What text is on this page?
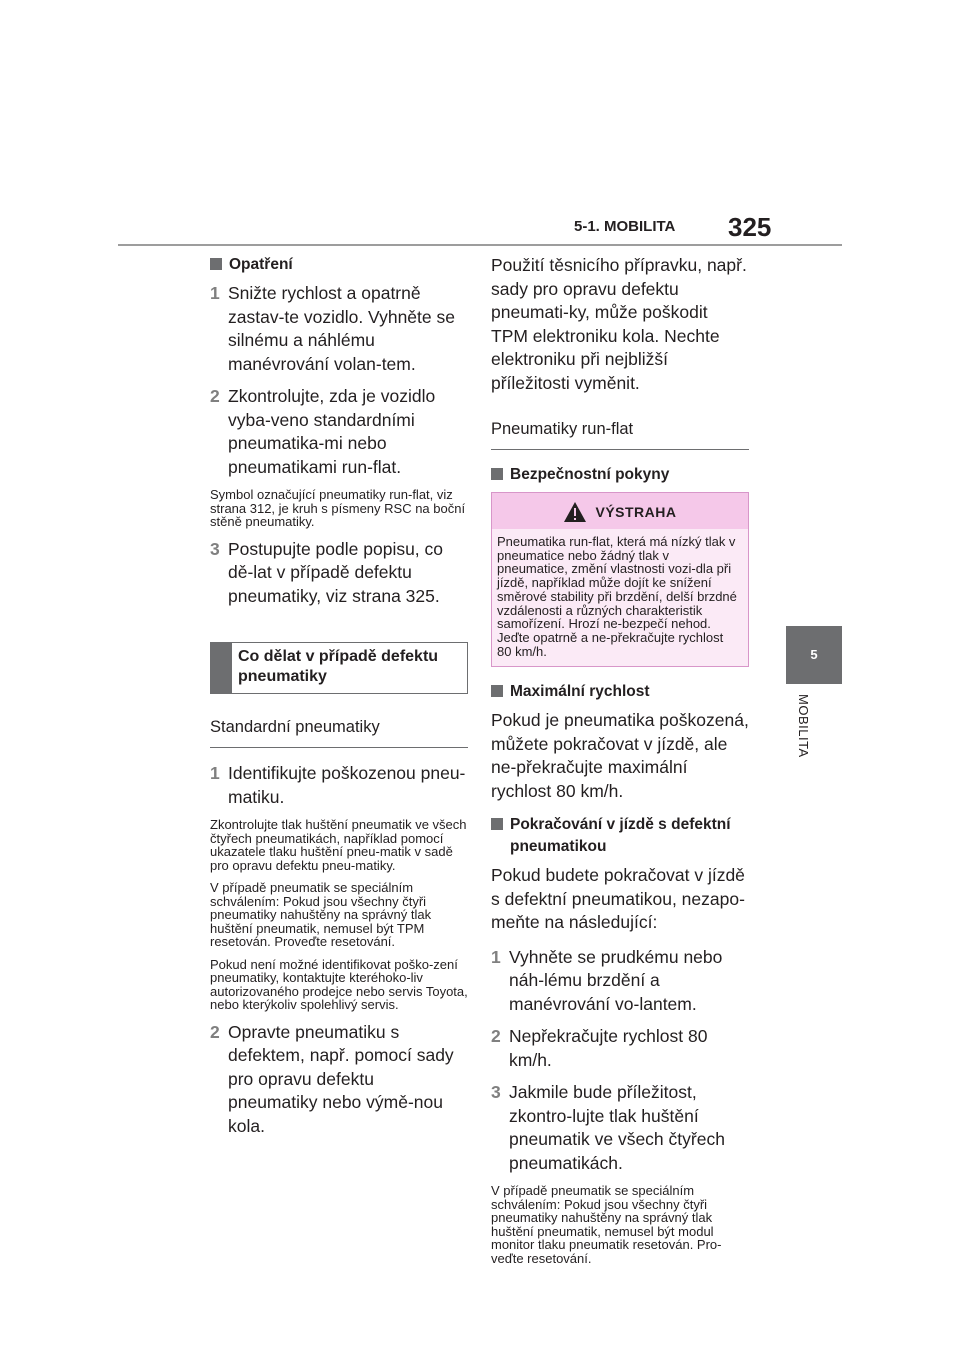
5-1. MOBILITA 325
5
MOBILITA
Opatření
1 Snižte rychlost a opatrně zastav-te vozidlo. Vyhněte se silnému a náhlému manévrování volan-tem.
2 Zkontrolujte, zda je vozidlo vyba-veno standardními pneumatika-mi nebo pneumatikami run-flat.
Symbol označující pneumatiky run-flat, viz strana 312, je kruh s písmeny RSC na boční stěně pneumatiky.
3 Postupujte podle popisu, co dě-lat v případě defektu pneumatiky, viz strana 325.
Co dělat v případě defektu pneumatiky
Standardní pneumatiky
1 Identifikujte poškozenou pneu-matiku.
Zkontrolujte tlak huštění pneumatik ve všech čtyřech pneumatikách, například pomocí ukazatele tlaku huštění pneu-matik v sadě pro opravu defektu pneu-matiky.
V případě pneumatik se speciálním schválením: Pokud jsou všechny čtyři pneumatiky nahuštěny na správný tlak huštění pneumatik, nemusel být TPM resetován. Proveďte resetování.
Pokud není možné identifikovat poško-zení pneumatiky, kontaktujte kteréhoko-liv autorizovaného prodejce nebo servis Toyota, nebo kterýkoliv spolehlivý servis.
2 Opravte pneumatiku s defektem, např. pomocí sady pro opravu defektu pneumatiky nebo výmě-nou kola.
Použití těsnicího přípravku, např. sady pro opravu defektu pneumati-ky, může poškodit TPM elektroniku kola. Nechte elektroniku při nejbližší příležitosti vyměnit.
Pneumatiky run-flat
Bezpečnostní pokyny
VÝSTRAHA
Pneumatika run-flat, která má nízký tlak v pneumatice nebo žádný tlak v pneumatice, změní vlastnosti vozi-dla při jízdě, například může dojít ke snížení směrové stability při brzdění, delší brzdné vzdálenosti a různých charakteristik samořízení. Hrozí ne-bezpečí nehod. Jeďte opatrně a ne-překračujte rychlost 80 km/h.
Maximální rychlost
Pokud je pneumatika poškozená, můžete pokračovat v jízdě, ale ne-překračujte maximální rychlost 80 km/h.
Pokračování v jízdě s defektní pneumatikou
Pokud budete pokračovat v jízdě s defektní pneumatikou, nezapo-meňte na následující:
1 Vyhněte se prudkému nebo náh-lému brzdění a manévrování vo-lantem.
2 Nepřekračujte rychlost 80 km/h.
3 Jakmile bude příležitost, zkontro-lujte tlak huštění pneumatik ve všech čtyřech pneumatikách.
V případě pneumatik se speciálním schválením: Pokud jsou všechny čtyři pneumatiky nahuštěny na správný tlak huštění pneumatik, nemusel být modul monitor tlaku pneumatik resetován. Pro-veďte resetování.
